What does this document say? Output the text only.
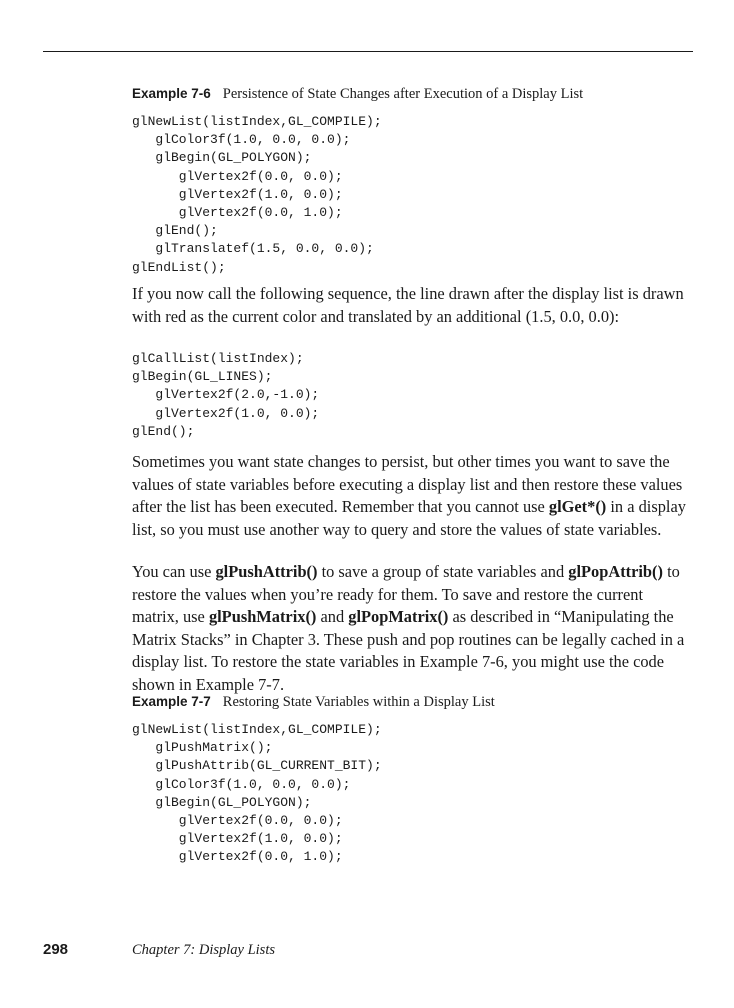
Example 7-6 Persistence of State Changes after Execution of a Display List
glNewList(listIndex,GL_COMPILE);
glColor3f(1.0, 0.0, 0.0);
glBegin(GL_POLYGON);
glVertex2f(0.0, 0.0);
glVertex2f(1.0, 0.0);
glVertex2f(0.0, 1.0);
glEnd();
glTranslatef(1.5, 0.0, 0.0);
glEndList();

If you now call the following sequence, the line drawn after the display list is drawn with red as the current color and translated by an additional (1.5, 0.0, 0.0):

glCallList(listIndex);
glBegin(GL_LINES);
glVertex2f(2.0,-1.0);
glVertex2f(1.0, 0.0);
glEnd();

Sometimes you want state changes to persist, but other times you want to save the values of state variables before executing a display list and then restore these values after the list has been executed. Remember that you cannot use glGet*() in a display list, so you must use another way to query and store the values of state variables.

You can use glPushAttrib() to save a group of state variables and glPopAttrib() to restore the values when you’re ready for them. To save and restore the current matrix, use glPushMatrix() and glPopMatrix() as described in “Manipulating the Matrix Stacks” in Chapter 3. These push and pop routines can be legally cached in a display list. To restore the state variables in Example 7-6, you might use the code shown in Example 7-7.

Example 7-7 Restoring State Variables within a Display List
glNewList(listIndex,GL_COMPILE);
glPushMatrix();
glPushAttrib(GL_CURRENT_BIT);
glColor3f(1.0, 0.0, 0.0);
glBegin(GL_POLYGON);
glVertex2f(0.0, 0.0);
glVertex2f(1.0, 0.0);
glVertex2f(0.0, 1.0);
298	Chapter 7: Display Lists
